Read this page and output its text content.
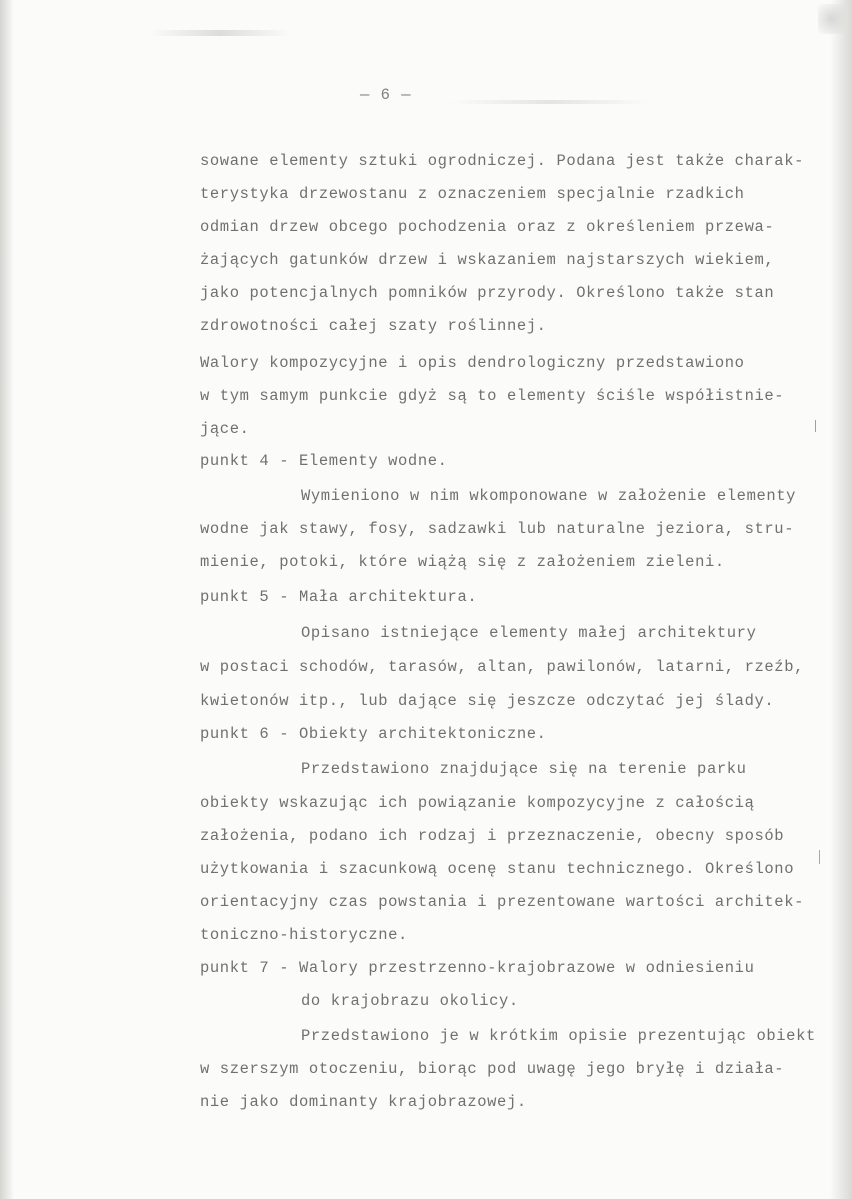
— 6 —
sowane elementy sztuki ogrodniczej. Podana jest także charak-
terystyka drzewostanu z oznaczeniem specjalnie rzadkich
odmian drzew obcego pochodzenia oraz z określeniem przewa-
żających gatunków drzew i wskazaniem najstarszych wiekiem,
jako potencjalnych pomników przyrody. Określono także stan
zdrowotności całej szaty roślinnej.
Walory kompozycyjne i opis dendrologiczny przedstawiono
w tym samym punkcie gdyż są to elementy ściśle współistnie-
jące.
punkt 4 - Elementy wodne.
Wymieniono w nim wkomponowane w założenie elementy
wodne jak stawy, fosy, sadzawki lub naturalne jeziora, stru-
mienie, potoki, które wiążą się z założeniem zieleni.
punkt 5 - Mała architektura.
Opisano istniejące elementy małej architektury
w postaci schodów, tarasów, altan, pawilonów, latarni, rzeźb,
kwietonów itp., lub dające się jeszcze odczytać jej ślady.
punkt 6 - Obiekty architektoniczne.
Przedstawiono znajdujące się na terenie parku
obiekty wskazując ich powiązanie kompozycyjne z całością
założenia, podano ich rodzaj i przeznaczenie, obecny sposób
użytkowania i szacunkową ocenę stanu technicznego. Określono
orientacyjny czas powstania i prezentowane wartości architek-
toniczno-historyczne.
punkt 7 - Walory przestrzenno-krajobrazowe w odniesieniu
do krajobrazu okolicy.
Przedstawiono je w krótkim opisie prezentując obiekt
w szerszym otoczeniu, biorąc pod uwagę jego bryłę i działa-
nie jako dominanty krajobrazowej.
